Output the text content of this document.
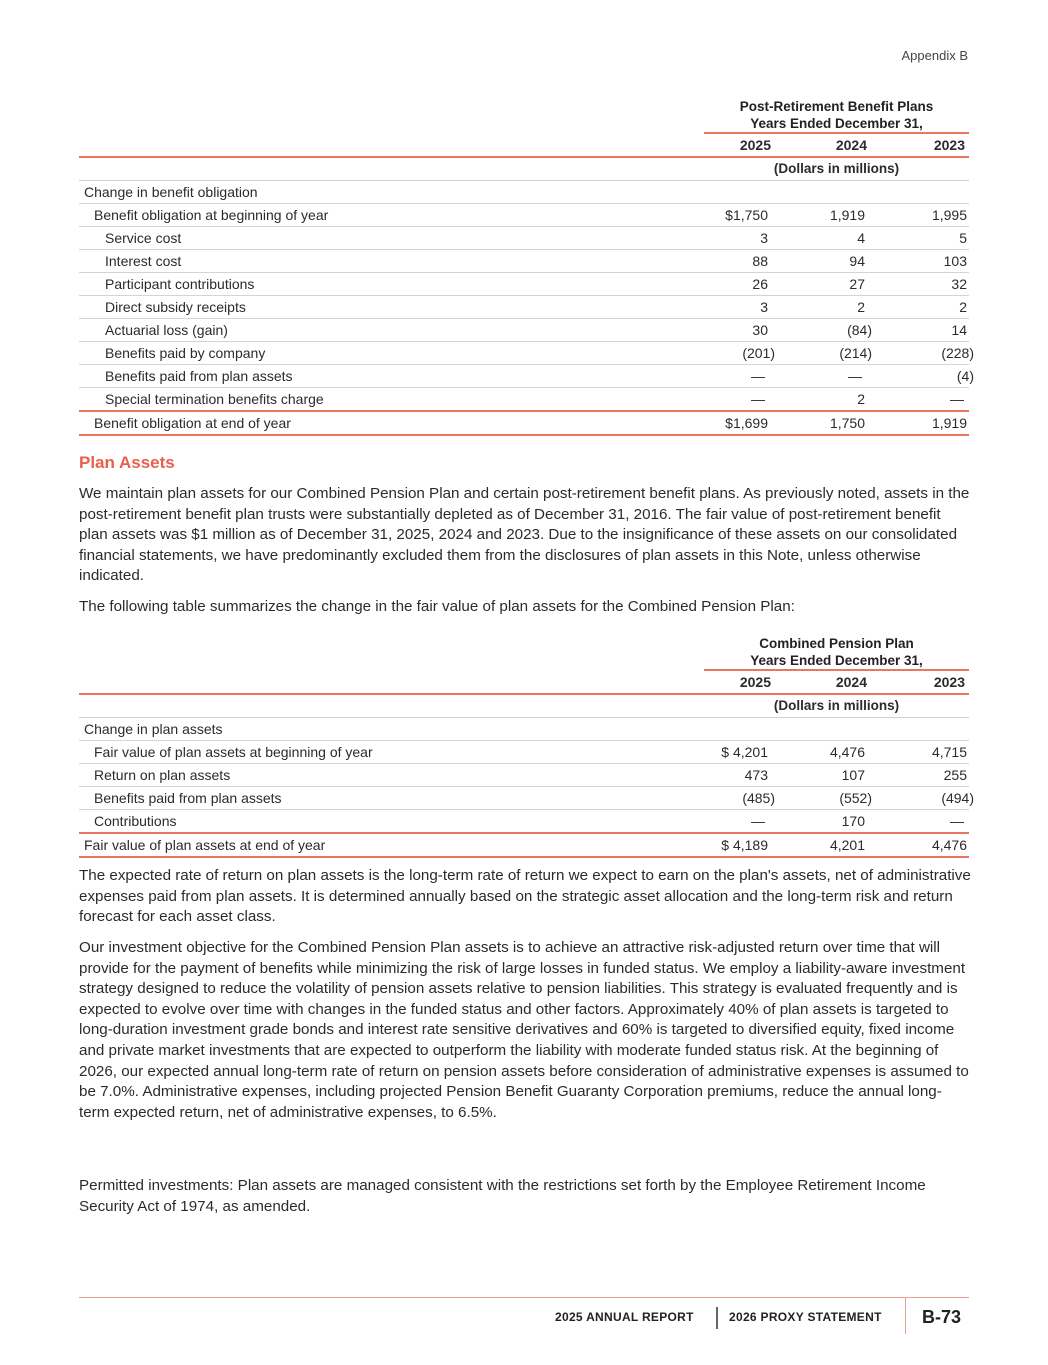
Appendix B
Post-Retirement Benefit Plans
Years Ended December 31,
2025	2024	2023
(Dollars in millions)
Change in benefit obligation
Benefit obligation at beginning of year	$1,750	1,919	1,995
Service cost	3	4	5
Interest cost	88	94	103
Participant contributions	26	27	32
Direct subsidy receipts	3	2	2
Actuarial loss (gain)	30	(84)	14
Benefits paid by company	(201)	(214)	(228)
Benefits paid from plan assets	—	—	(4)
Special termination benefits charge	—	2	—
Benefit obligation at end of year	$1,699	1,750	1,919
Plan Assets

We maintain plan assets for our Combined Pension Plan and certain post-retirement benefit plans. As previously noted, assets in the post-retirement benefit plan trusts were substantially depleted as of December 31, 2016. The fair value of post-retirement benefit plan assets was $1 million as of December 31, 2025, 2024 and 2023. Due to the insignificance of these assets on our consolidated financial statements, we have predominantly excluded them from the disclosures of plan assets in this Note, unless otherwise indicated.

The following table summarizes the change in the fair value of plan assets for the Combined Pension Plan:

Combined Pension Plan
Years Ended December 31,
2025	2024	2023
(Dollars in millions)
Change in plan assets
Fair value of plan assets at beginning of year	$ 4,201	4,476	4,715
Return on plan assets	473	107	255
Benefits paid from plan assets	(485)	(552)	(494)
Contributions	—	170	—
Fair value of plan assets at end of year	$ 4,189	4,201	4,476

The expected rate of return on plan assets is the long-term rate of return we expect to earn on the plan's assets, net of administrative expenses paid from plan assets. It is determined annually based on the strategic asset allocation and the long-term risk and return forecast for each asset class.

Our investment objective for the Combined Pension Plan assets is to achieve an attractive risk-adjusted return over time that will provide for the payment of benefits while minimizing the risk of large losses in funded status. We employ a liability-aware investment strategy designed to reduce the volatility of pension assets relative to pension liabilities. This strategy is evaluated frequently and is expected to evolve over time with changes in the funded status and other factors. Approximately 40% of plan assets is targeted to long-duration investment grade bonds and interest rate sensitive derivatives and 60% is targeted to diversified equity, fixed income and private market investments that are expected to outperform the liability with moderate funded status risk. At the beginning of 2026, our expected annual long-term rate of return on pension assets before consideration of administrative expenses is assumed to be 7.0%. Administrative expenses, including projected Pension Benefit Guaranty Corporation premiums, reduce the annual long-term expected return, net of administrative expenses, to 6.5%.

Permitted investments: Plan assets are managed consistent with the restrictions set forth by the Employee Retirement Income Security Act of 1974, as amended.

2025 ANNUAL REPORT	2026 PROXY STATEMENT B-73
